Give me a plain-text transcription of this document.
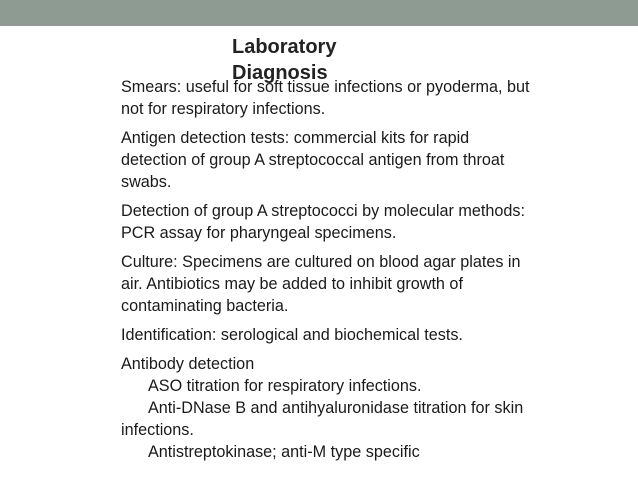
Smears: useful for soft tissue infections or pyoderma, but not for respiratory infections.

Antigen detection tests: commercial kits for rapid detection of group A streptococcal antigen from throat swabs.

Detection of group A streptococci by molecular methods: PCR assay for pharyngeal specimens.

Culture: Specimens are cultured on blood agar plates in air. Antibiotics may be added to inhibit growth of contaminating bacteria.

Identification: serological and biochemical tests.

Antibody detection
ASO titration for respiratory infections.
Anti-DNase B and antihyaluronidase titration for skin infections.
Antistreptokinase; anti-M type specific
Laboratory Diagnosis
